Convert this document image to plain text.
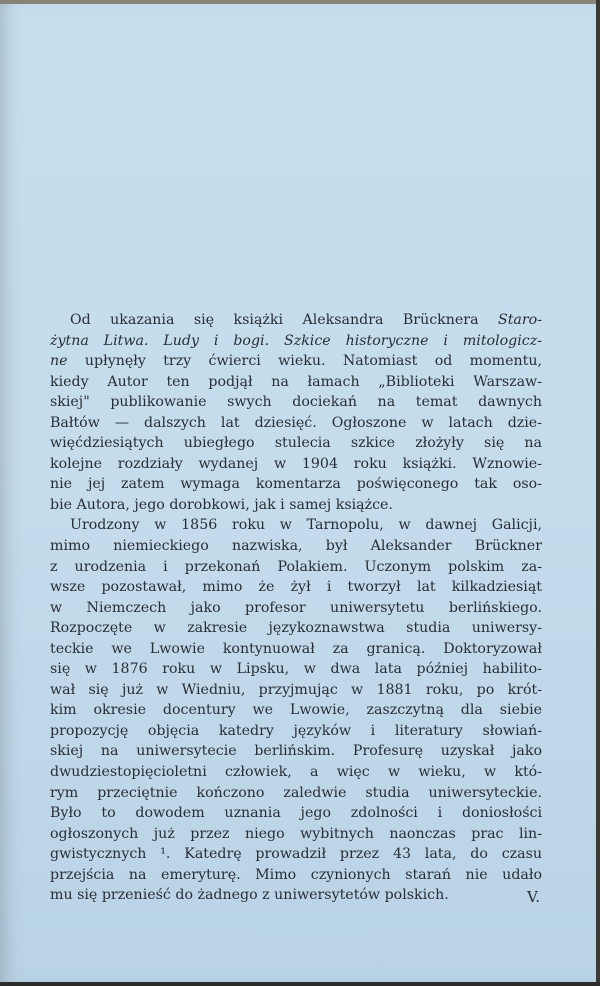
Od ukazania się książki Aleksandra Brücknera Staro-
żytna Litwa. Ludy i bogi. Szkice historyczne i mitologicz-
ne upłynęły trzy ćwierci wieku. Natomiast od momentu,
kiedy Autor ten podjął na łamach „Biblioteki Warszaw-
skiej" publikowanie swych dociekań na temat dawnych
Bałtów — dalszych lat dziesięć. Ogłoszone w latach dzie-
więćdziesiątych ubiegłego stulecia szkice złożyły się na
kolejne rozdziały wydanej w 1904 roku książki. Wznowie-
nie jej zatem wymaga komentarza poświęconego tak oso-
bie Autora, jego dorobkowi, jak i samej książce.
Urodzony w 1856 roku w Tarnopolu, w dawnej Galicji,
mimo niemieckiego nazwiska, był Aleksander Brückner
z urodzenia i przekonań Polakiem. Uczonym polskim za-
wsze pozostawał, mimo że żył i tworzył lat kilkadziesiąt
w Niemczech jako profesor uniwersytetu berlińskiego.
Rozpoczęte w zakresie językoznawstwa studia uniwersy-
teckie we Lwowie kontynuował za granicą. Doktoryzował
się w 1876 roku w Lipsku, w dwa lata później habilito-
wał się już w Wiedniu, przyjmując w 1881 roku, po krót-
kim okresie docentury we Lwowie, zaszczytną dla siebie
propozycję objęcia katedry języków i literatury słowiań-
skiej na uniwersytecie berlińskim. Profesurę uzyskał jako
dwudziestopięcioletni człowiek, a więc w wieku, w któ-
rym przeciętnie kończono zaledwie studia uniwersyteckie.
Było to dowodem uznania jego zdolności i doniosłości
ogłoszonych już przez niego wybitnych naonczas prac lin-
gwistycznych ¹. Katedrę prowadził przez 43 lata, do czasu
przejścia na emeryturę. Mimo czynionych starań nie udało
mu się przenieść do żadnego z uniwersytetów polskich.	V.
